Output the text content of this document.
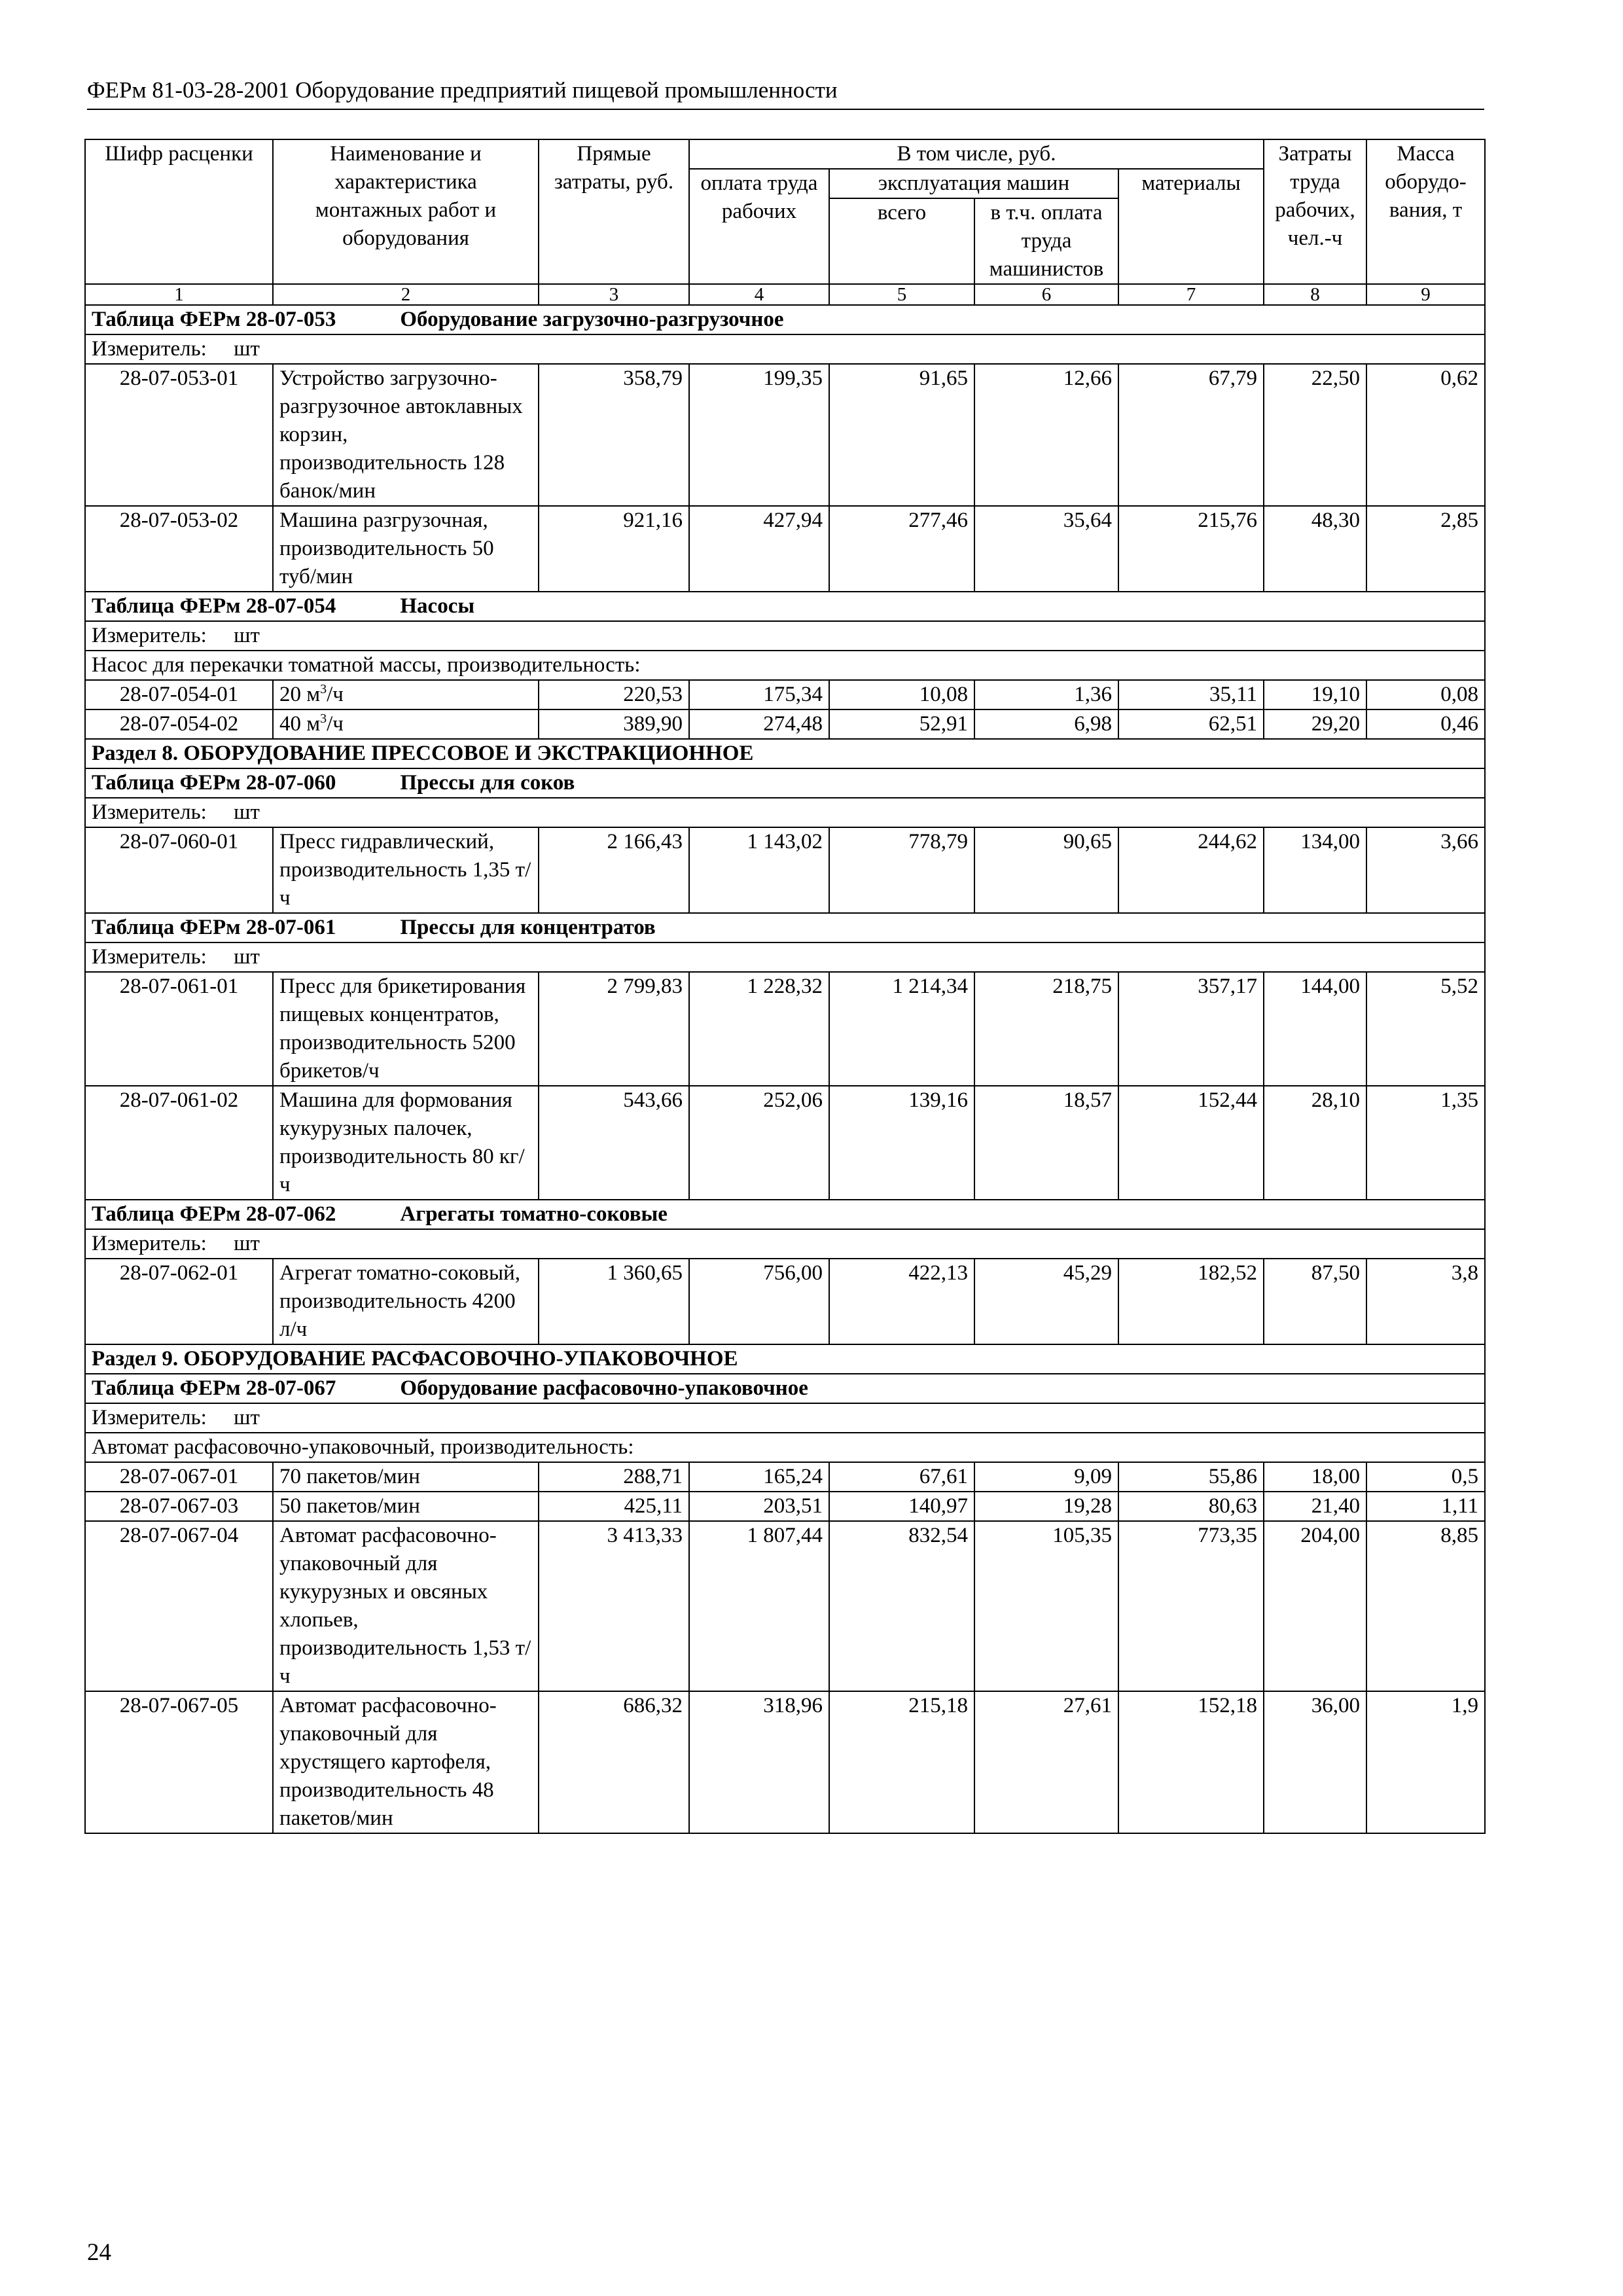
ФЕРм 81-03-28-2001 Оборудование предприятий пищевой промышленности
Шифр расценки	Наименование и характеристика монтажных работ и оборудования	Прямые затраты, руб.	В том числе, руб.				Затраты труда рабочих, чел.-ч	Масса оборудо-вания, т
			оплата труда рабочих	эксплуатация машин		материалы		
				всего	в т.ч. оплата труда машинистов			
1	2	3	4	5	6	7	8	9
Таблица ФЕРм 28-07-053 Оборудование загрузочно-разгрузочное								
Измеритель: шт								
28-07-053-01	Устройство загрузочно-разгрузочное автоклавных корзин, производительность 128 банок/мин	358,79	199,35	91,65	12,66	67,79	22,50	0,62
28-07-053-02	Машина разгрузочная, производительность 50 туб/мин	921,16	427,94	277,46	35,64	215,76	48,30	2,85
Таблица ФЕРм 28-07-054 Насосы								
Измеритель: шт								
Насос для перекачки томатной массы, производительность:								
28-07-054-01	20 $м^3/ч$	220,53	175,34	10,08	1,36	35,11	19,10	0,08
28-07-054-02	40 $м^3/ч$	389,90	274,48	52,91	6,98	62,51	29,20	0,46
Раздел 8. ОБОРУДОВАНИЕ ПРЕССОВОЕ И ЭКСТРАКЦИОННОЕ								
Таблица ФЕРм 28-07-060 Прессы для соков								
Измеритель: шт								
28-07-060-01	Пресс гидравлический, производительность 1,35 т/ч	2 166,43	1 143,02	778,79	90,65	244,62	134,00	3,66
Таблица ФЕРм 28-07-061 Прессы для концентратов								
Измеритель: шт								
28-07-061-01	Пресс для брикетирования пищевых концентратов, производительность 5200 брикетов/ч	2 799,83	1 228,32	1 214,34	218,75	357,17	144,00	5,52
28-07-061-02	Машина для формования кукурузных палочек, производительность 80 кг/ч	543,66	252,06	139,16	18,57	152,44	28,10	1,35
Таблица ФЕРм 28-07-062 Агрегаты томатно-соковые								
Измеритель: шт								
28-07-062-01	Агрегат томатно-соковый, производительность 4200 л/ч	1 360,65	756,00	422,13	45,29	182,52	87,50	3,8
Раздел 9. ОБОРУДОВАНИЕ РАСФАСОВОЧНО-УПАКОВОЧНОЕ								
Таблица ФЕРм 28-07-067 Оборудование расфасовочно-упаковочное								
Измеритель: шт								
Автомат расфасовочно-упаковочный, производительность:								
28-07-067-01	70 пакетов/мин	288,71	165,24	67,61	9,09	55,86	18,00	0,5
28-07-067-03	50 пакетов/мин	425,11	203,51	140,97	19,28	80,63	21,40	1,11
28-07-067-04	Автомат расфасовочно-упаковочный для кукурузных и овсяных хлопьев, производительность 1,53 т/ч	3 413,33	1 807,44	832,54	105,35	773,35	204,00	8,85
28-07-067-05	Автомат расфасовочно-упаковочный для хрустящего картофеля, производительность 48 пакетов/мин	686,32	318,96	215,18	27,61	152,18	36,00	1,9
24
